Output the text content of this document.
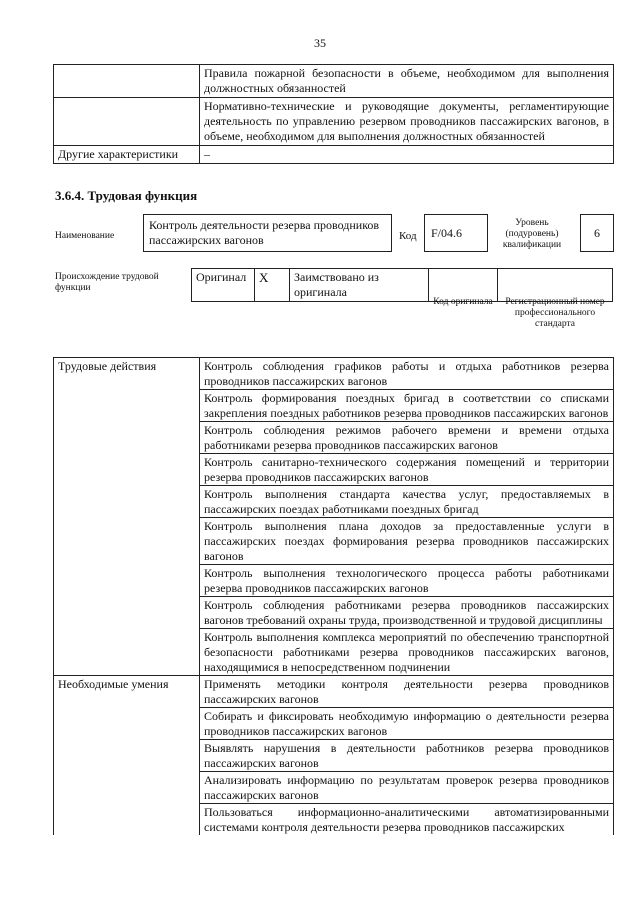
35
	Правила пожарной безопасности в объеме, необходимом для выполнения должностных обязанностей
	Нормативно-технические и руководящие документы, регламентирующие деятельность по управлению резервом проводников пассажирских вагонов, в объеме, необходимом для выполнения должностных обязанностей
Другие характеристики	–
3.6.4. Трудовая функция
Наименование
Контроль деятельности резерва проводников пассажирских вагонов	Код	F/04.6
Уровень (подуровень) квалификации
6
Происхождение трудовой функции
Оригинал	X	Заимствовано из оригинала		
Код оригинала	Регистрационный номер профессионального стандарта
Трудовые действия	Контроль соблюдения графиков работы и отдыха работников резерва проводников пассажирских вагонов
	Контроль формирования поездных бригад в соответствии со списками закрепления поездных работников резерва проводников пассажирских вагонов
	Контроль соблюдения режимов рабочего времени и времени отдыха работниками резерва проводников пассажирских вагонов
	Контроль санитарно-технического содержания помещений и территории резерва проводников пассажирских вагонов
	Контроль выполнения стандарта качества услуг, предоставляемых в пассажирских поездах работниками поездных бригад
	Контроль выполнения плана доходов за предоставленные услуги в пассажирских поездах формирования резерва проводников пассажирских вагонов
	Контроль выполнения технологического процесса работы работниками резерва проводников пассажирских вагонов
	Контроль соблюдения работниками резерва проводников пассажирских вагонов требований охраны труда, производственной и трудовой дисциплины
	Контроль выполнения комплекса мероприятий по обеспечению транспортной безопасности работниками резерва проводников пассажирских вагонов, находящимися в непосредственном подчинении
Необходимые умения	Применять методики контроля деятельности резерва проводников пассажирских вагонов
	Собирать и фиксировать необходимую информацию о деятельности резерва проводников пассажирских вагонов
	Выявлять нарушения в деятельности работников резерва проводников пассажирских вагонов
	Анализировать информацию по результатам проверок резерва проводников пассажирских вагонов
	Пользоваться информационно-аналитическими автоматизированными системами контроля деятельности резерва проводников пассажирских
